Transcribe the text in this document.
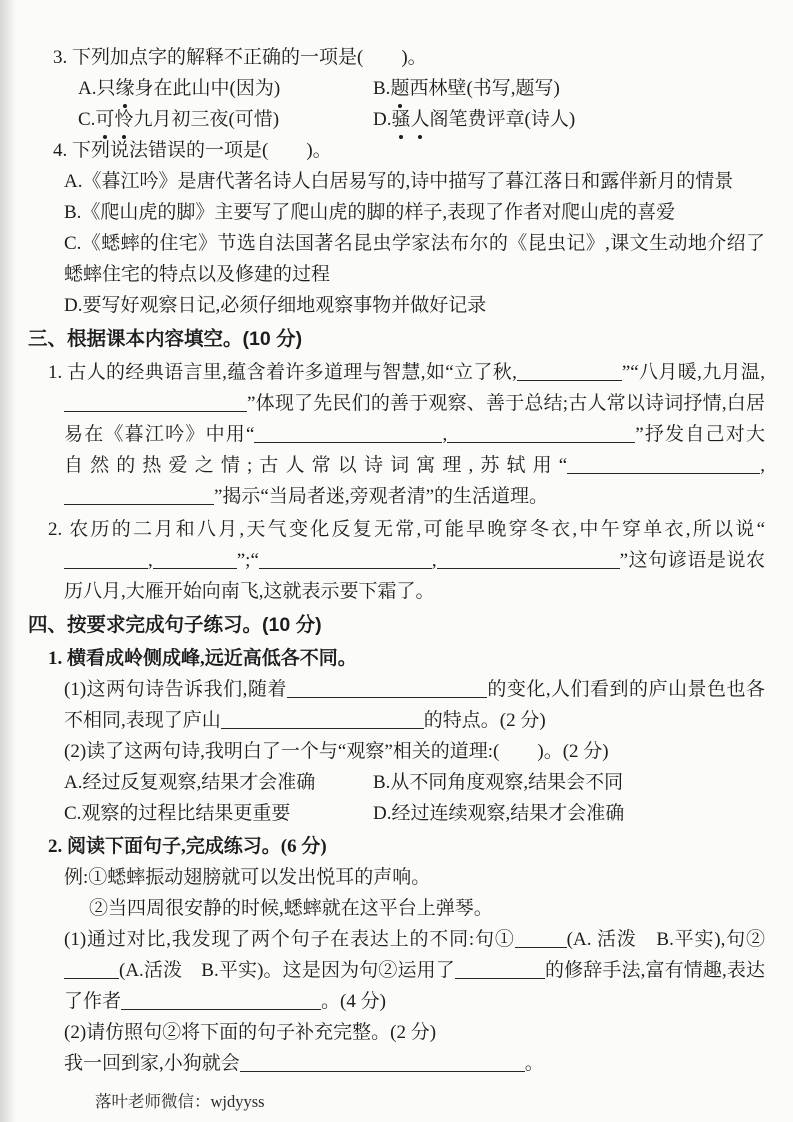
3. 下列加点字的解释不正确的一项是(　　)。

A.只缘身在此山中(因为)	B.题西林壁(书写,题写)

C.可怜九月初三夜(可惜)	D.骚人阁笔费评章(诗人)

4. 下列说法错误的一项是(　　)。

A.《暮江吟》是唐代著名诗人白居易写的,诗中描写了暮江落日和露伴新月的情景

B.《爬山虎的脚》主要写了爬山虎的脚的样子,表现了作者对爬山虎的喜爱

C.《蟋蟀的住宅》节选自法国著名昆虫学家法布尔的《昆虫记》,课文生动地介绍了蟋蟀住宅的特点以及修建的过程

D.要写好观察日记,必须仔细地观察事物并做好记录

三、根据课本内容填空。(10 分)

1. 古人的经典语言里,蕴含着许多道理与智慧,如“立了秋,	”“八月暖,九月温,”体现了先民们的善于观察、善于总结;古人常以诗词抒情,白居易在《暮江吟》中用“	,	”抒发自己对大自然的热爱之情;古人常以诗词寓理,苏轼用“	,”揭示“当局者迷,旁观者清”的生活道理。

2. 农历的二月和八月,天气变化反复无常,可能早晚穿冬衣,中午穿单衣,所以说“,	”;“	,	”这句谚语是说农历八月,大雁开始向南飞,这就表示要下霜了。

四、按要求完成句子练习。(10 分)

1. 横看成岭侧成峰,远近高低各不同。

(1)这两句诗告诉我们,随着	的变化,人们看到的庐山景色也各不相同,表现了庐山	的特点。(2 分)

(2)读了这两句诗,我明白了一个与“观察”相关的道理:(　　)。(2 分)

A.经过反复观察,结果才会准确	B.从不同角度观察,结果会不同

C.观察的过程比结果更重要	D.经过连续观察,结果才会准确

2. 阅读下面句子,完成练习。(6 分)

例:①蟋蟀振动翅膀就可以发出悦耳的声响。

②当四周很安静的时候,蟋蟀就在这平台上弹琴。

(1)通过对比,我发现了两个句子在表达上的不同:句①	(A. 活泼　B.平实),句②(A.活泼　B.平实)。这是因为句②运用了	的修辞手法,富有情趣,表达了作者	。(4 分)

(2)请仿照句②将下面的句子补充完整。(2 分)

我一回到家,小狗就会	。

落叶老师微信：wjdyyss
